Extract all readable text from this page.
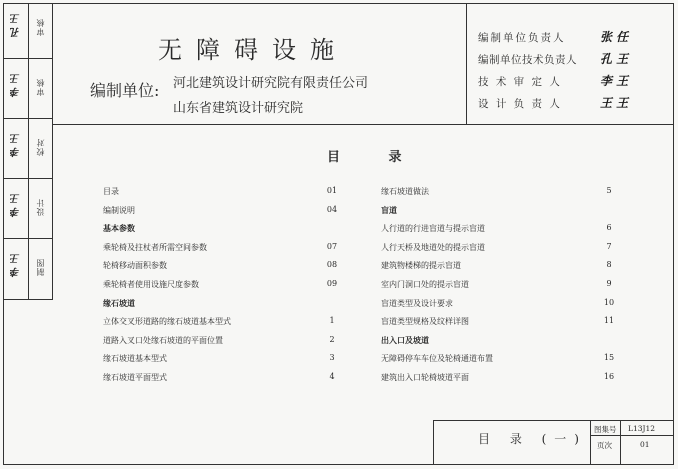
审核
孔 王
审核
李 王
校对
李 王
设计
李 王
制图
李 王
无障碍设施
编制单位: 河北建筑设计研究院有限责任公司
山东省建筑设计研究院
编制单位负责人	张 任
编制单位技术负责人 孔 王
技 术 审 定 人	李 王
设 计 负 责 人	王 王
目 录
目录	01
编制说明	04
基本参数
乘轮椅及拄杖者所需空间参数	07
轮椅移动面积参数	08
乘轮椅者使用设施尺度参数	09
缘石坡道
立体交叉形道路的缘石坡道基本型式	1
道路入叉口处缘石坡道的平面位置	2
缘石坡道基本型式	3
缘石坡道平面型式	4
缘石坡道做法	5
盲道
人行道的行进盲道与提示盲道	6
人行天桥及地道处的提示盲道	7
建筑物楼梯的提示盲道	8
室内门洞口处的提示盲道	9
盲道类型及设计要求	10
盲道类型规格及纹样详图	11
出入口及坡道
无障碍停车车位及轮椅通道布置	15
建筑出入口轮椅坡道平面	16
目 录 (一)
图集号 L13J12
页次	01
